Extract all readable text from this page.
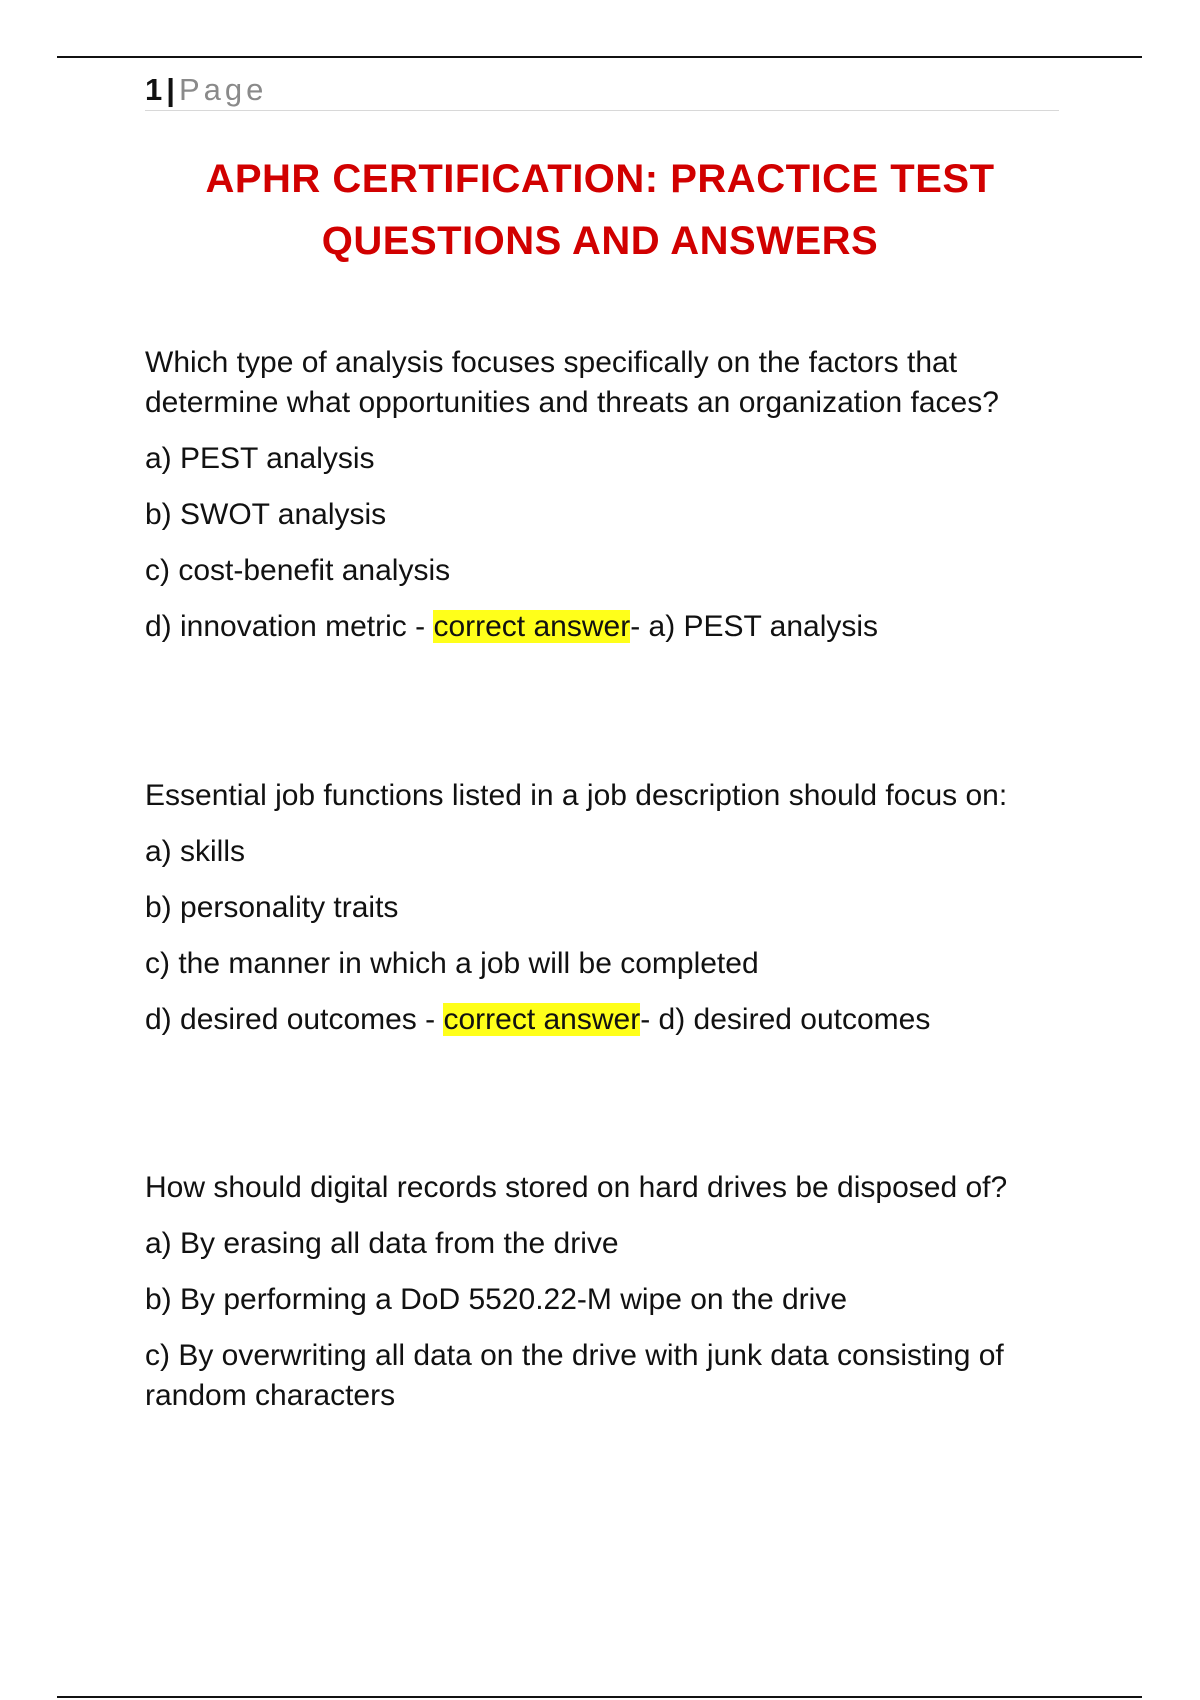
1 | Page
APHR CERTIFICATION: PRACTICE TEST
QUESTIONS AND ANSWERS

Which type of analysis focuses specifically on the factors that determine what opportunities and threats an organization faces?

a) PEST analysis

b) SWOT analysis

c) cost-benefit analysis

d) innovation metric - correct answer- a) PEST analysis

Essential job functions listed in a job description should focus on:

a) skills

b) personality traits

c) the manner in which a job will be completed

d) desired outcomes - correct answer- d) desired outcomes

How should digital records stored on hard drives be disposed of?

a) By erasing all data from the drive

b) By performing a DoD 5520.22-M wipe on the drive

c) By overwriting all data on the drive with junk data consisting of random characters
